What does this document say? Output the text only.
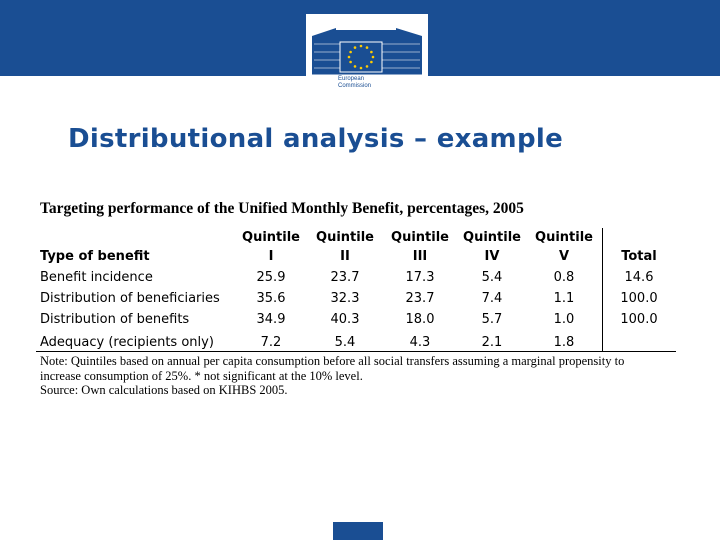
European
Commission
Distributional analysis – example
Targeting performance of the Unified Monthly Benefit, percentages, 2005
Quintile Quintile Quintile Quintile Quintile
Type of benefit	I	II	III	IV	V	Total
Benefit incidence	25.9	23.7	17.3	5.4	0.8	14.6
Distribution of beneficiaries	35.6	32.3	23.7	7.4	1.1	100.0
Distribution of benefits	34.9	40.3	18.0	5.7	1.0	100.0
Adequacy (recipients only)	7.2	5.4	4.3	2.1	1.8
Note: Quintiles based on annual per capita consumption before all social transfers assuming a marginal propensity to
increase consumption of 25%. * not significant at the 10% level.
Source: Own calculations based on KIHBS 2005.
